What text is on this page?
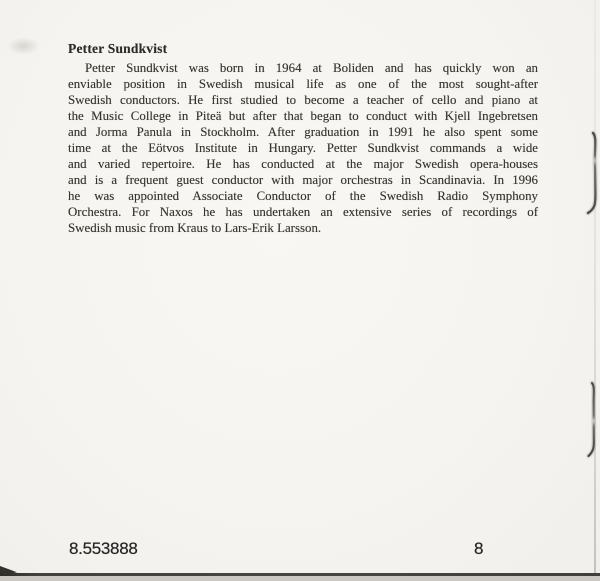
Petter Sundkvist
Petter Sundkvist was born in 1964 at Boliden and has quickly won an
enviable position in Swedish musical life as one of the most sought-after
Swedish conductors. He first studied to become a teacher of cello and piano at
the Music College in Piteä but after that began to conduct with Kjell Ingebretsen
and Jorma Panula in Stockholm. After graduation in 1991 he also spent some
time at the Eötvos Institute in Hungary. Petter Sundkvist commands a wide
and varied repertoire. He has conducted at the major Swedish opera-houses
and is a frequent guest conductor with major orchestras in Scandinavia. In 1996
he was appointed Associate Conductor of the Swedish Radio Symphony
Orchestra. For Naxos he has undertaken an extensive series of recordings of
Swedish music from Kraus to Lars-Erik Larsson.
8.553888	8
